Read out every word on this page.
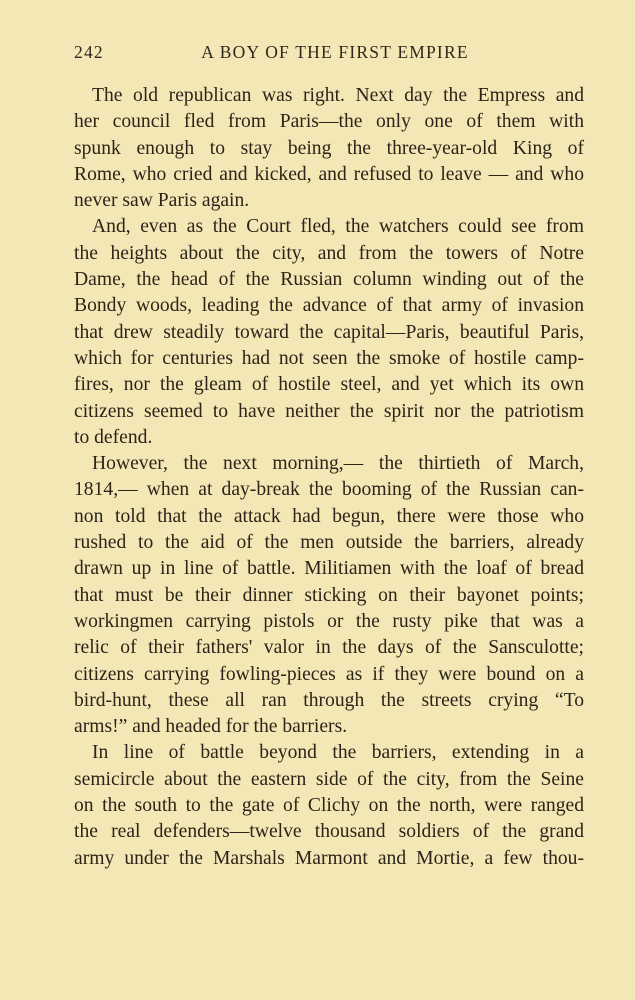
242	A BOY OF THE FIRST EMPIRE
The old republican was right. Next day the Empress and
her council fled from Paris—the only one of them with
spunk enough to stay being the three-year-old King of
Rome, who cried and kicked, and refused to leave — and who
never saw Paris again.
And, even as the Court fled, the watchers could see from
the heights about the city, and from the towers of Notre
Dame, the head of the Russian column winding out of the
Bondy woods, leading the advance of that army of invasion
that drew steadily toward the capital—Paris, beautiful Paris,
which for centuries had not seen the smoke of hostile camp-
fires, nor the gleam of hostile steel, and yet which its own
citizens seemed to have neither the spirit nor the patriotism
to defend.
However, the next morning,— the thirtieth of March,
1814,— when at day-break the booming of the Russian can-
non told that the attack had begun, there were those who
rushed to the aid of the men outside the barriers, already
drawn up in line of battle. Militiamen with the loaf of bread
that must be their dinner sticking on their bayonet points;
workingmen carrying pistols or the rusty pike that was a
relic of their fathers' valor in the days of the Sansculotte;
citizens carrying fowling-pieces as if they were bound on a
bird-hunt, these all ran through the streets crying “To
arms!” and headed for the barriers.
In line of battle beyond the barriers, extending in a
semicircle about the eastern side of the city, from the Seine
on the south to the gate of Clichy on the north, were ranged
the real defenders—twelve thousand soldiers of the grand
army under the Marshals Marmont and Mortie, a few thou-
